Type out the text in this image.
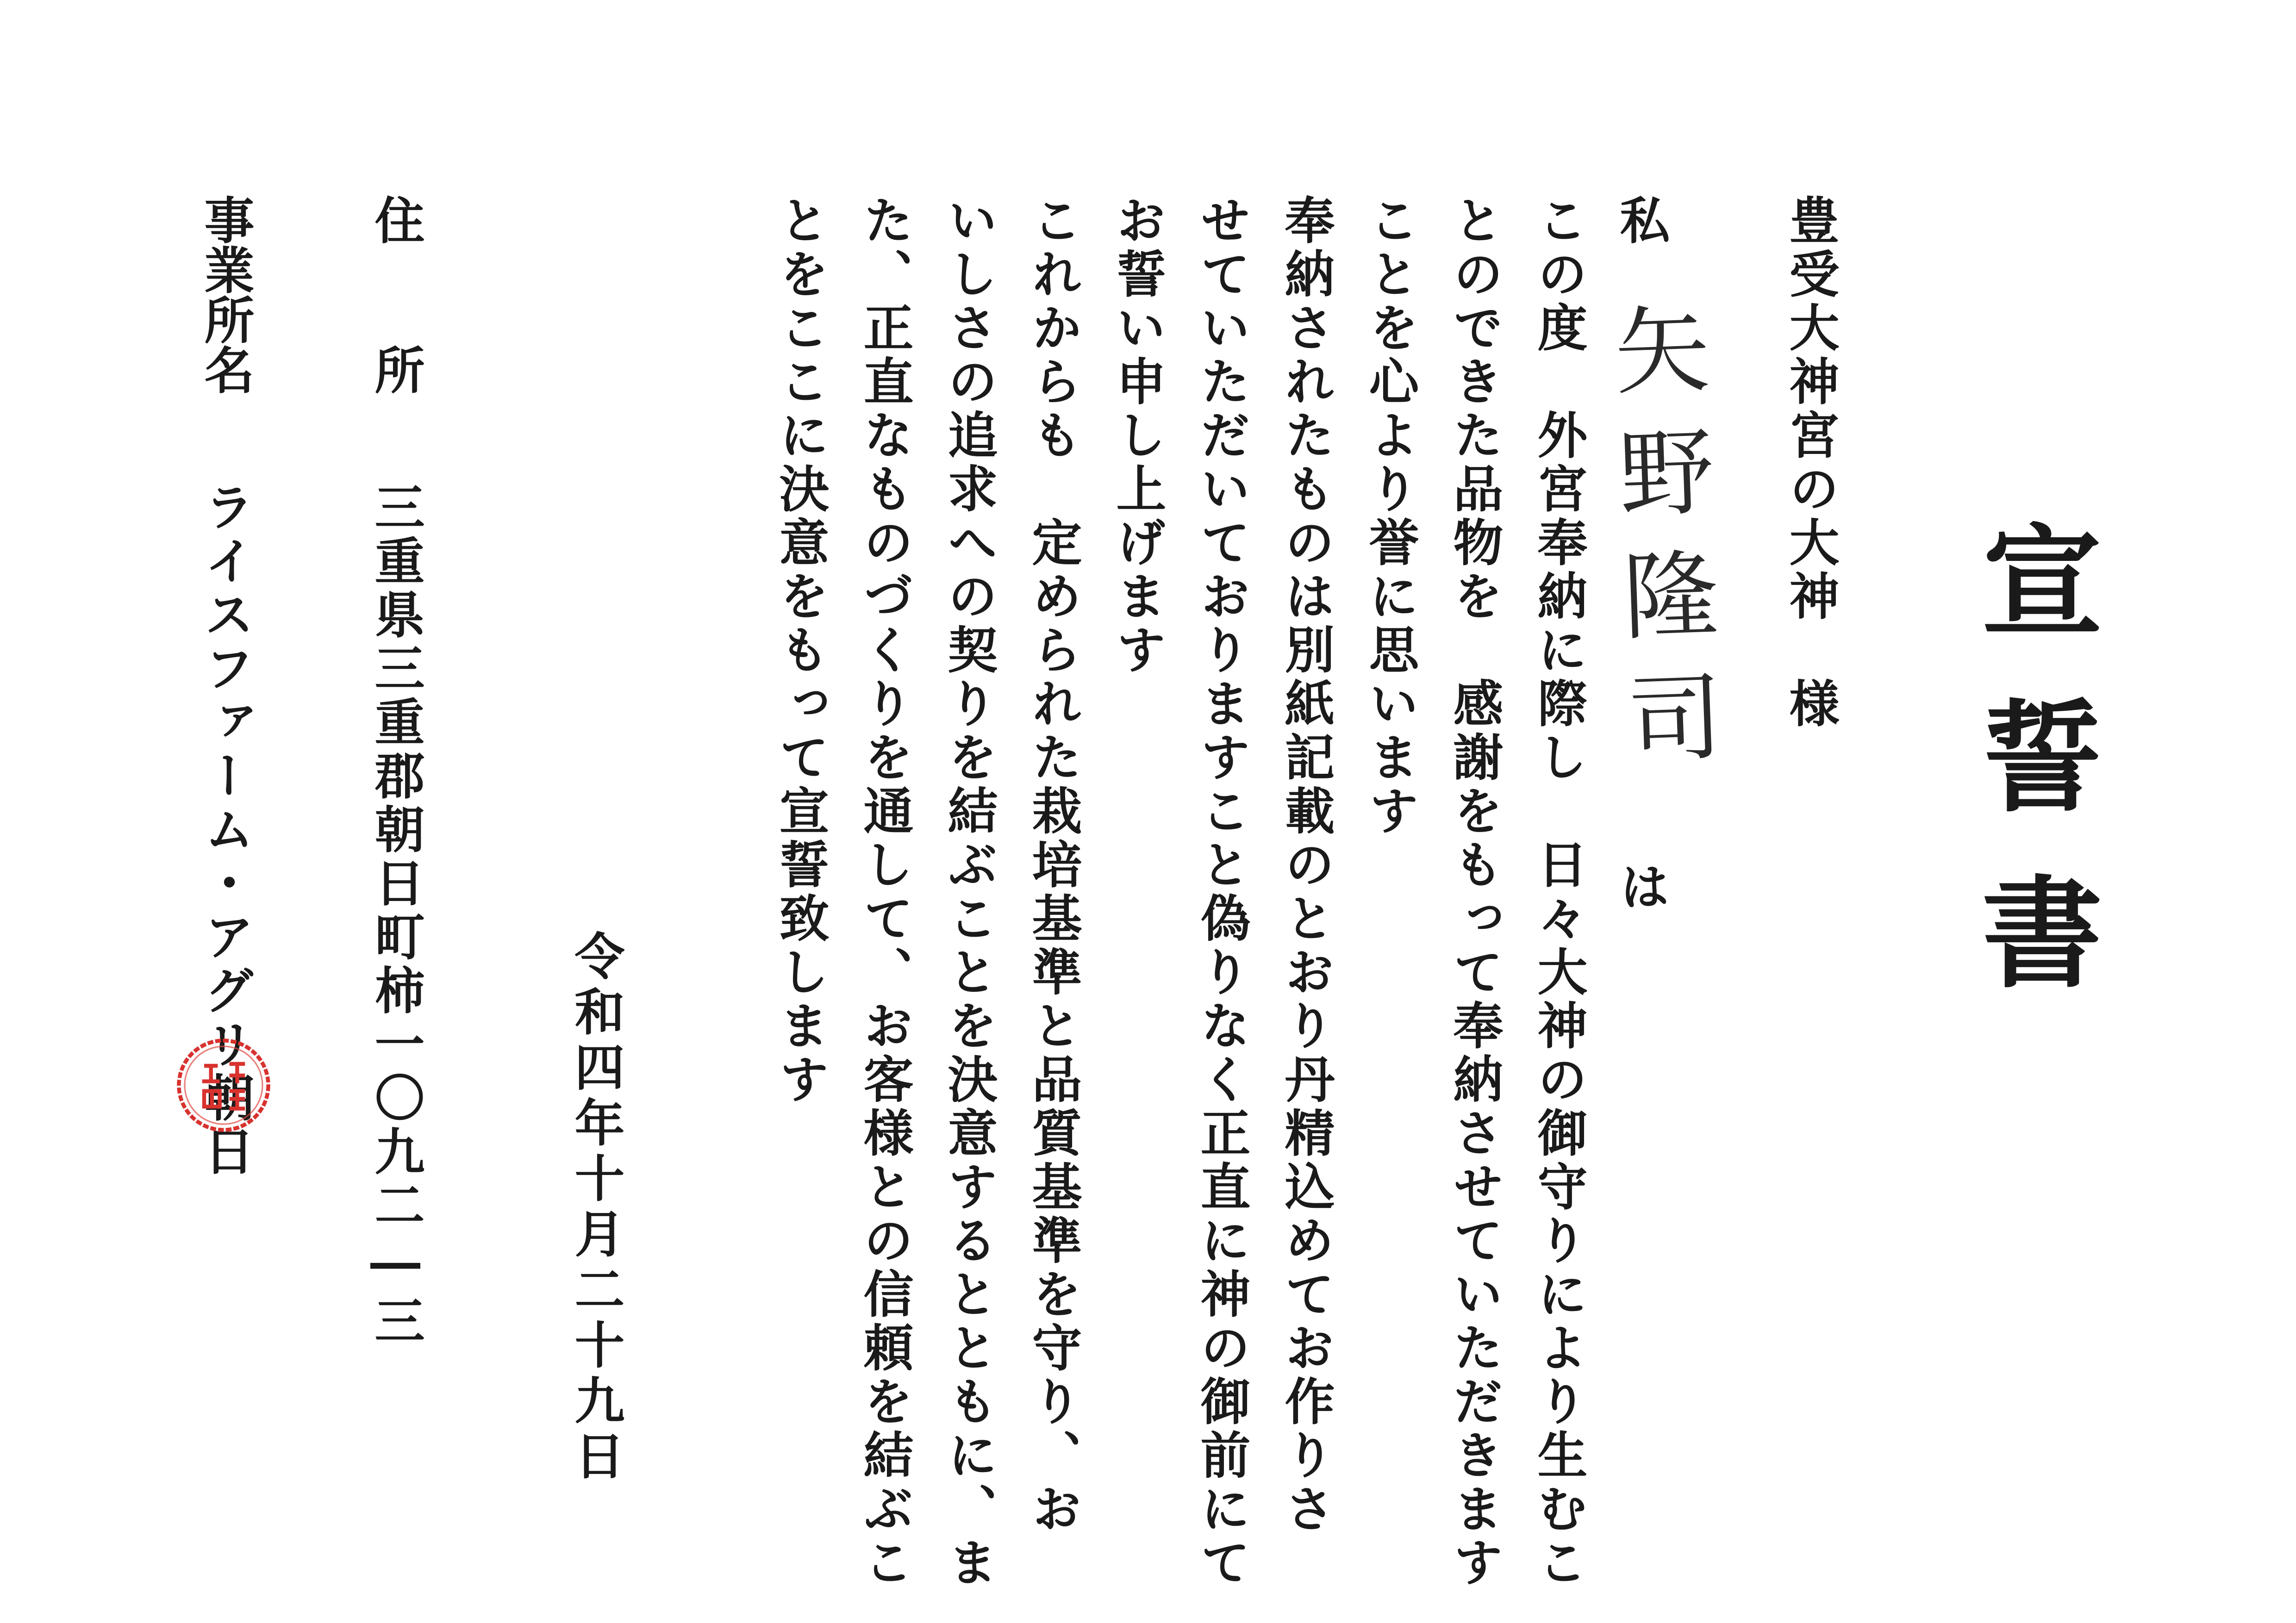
宣誓書
豊受大神宮の大神　様
私
矢野隆司
は
この度　外宮奉納に際し　日々大神の御守りにより生むこ
とのできた品物を　感謝をもって奉納させていただきます
ことを心より誉に思います
奉納されたものは別紙記載のとおり丹精込めてお作りさ
せていただいておりますこと偽りなく正直に神の御前にて
お誓い申し上げます
これからも　定められた栽培基準と品質基準を守り、お
いしさの追求への契りを結ぶことを決意するとともに、ま
た、正直なものづくりを通して、お客様との信頼を結ぶこ
とをここに決意をもって宣誓致します
令和四年十月二十九日
住　　所
三重県三重郡朝日町柿一〇九二―三
事業所名
ライスファーム・アグリ朝日
